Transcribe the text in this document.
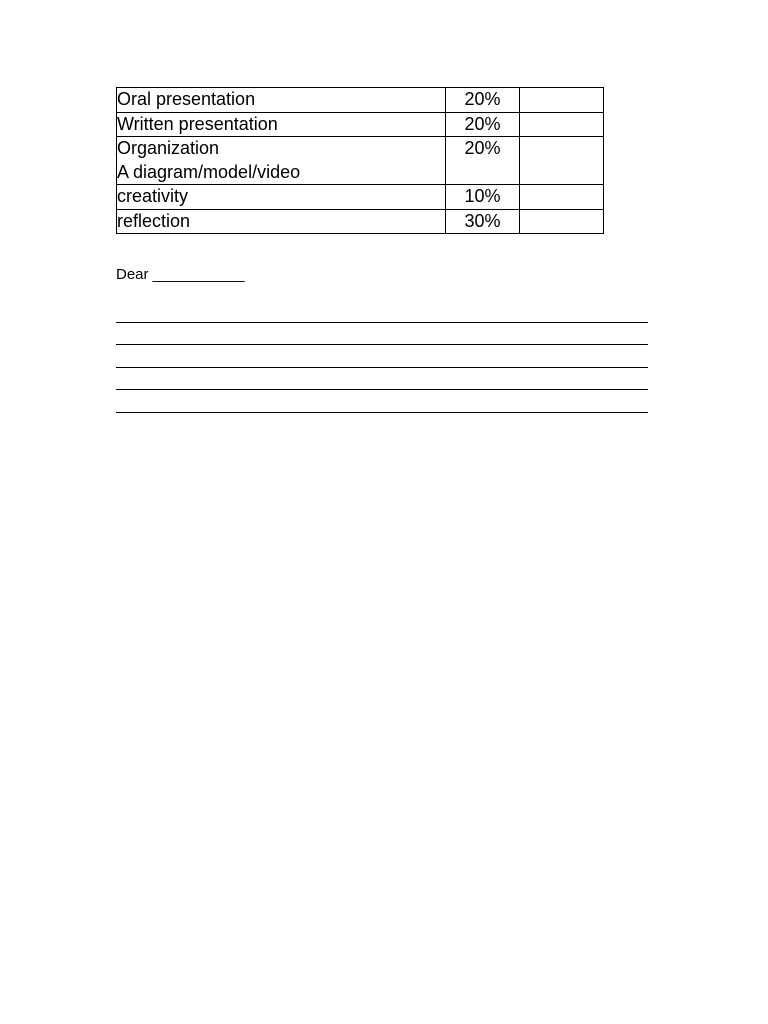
Oral presentation	20%	
Written presentation	20%	

Organization
A diagram/model/video	20%	
creativity	10%	
reflection	30%	
Dear ___________
